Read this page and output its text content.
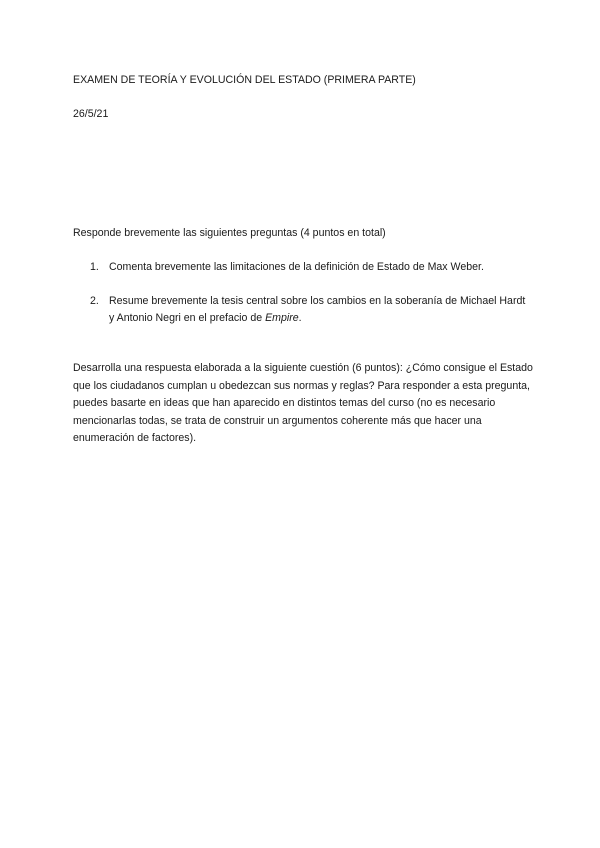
EXAMEN DE TEORÍA Y EVOLUCIÓN DEL ESTADO (PRIMERA PARTE)
26/5/21
Responde brevemente las siguientes preguntas (4 puntos en total)
1. Comenta brevemente las limitaciones de la definición de Estado de Max Weber.
2. Resume brevemente la tesis central sobre los cambios en la soberanía de Michael Hardt y Antonio Negri en el prefacio de Empire.

Desarrolla una respuesta elaborada a la siguiente cuestión (6 puntos): ¿Cómo consigue el Estado que los ciudadanos cumplan u obedezcan sus normas y reglas? Para responder a esta pregunta, puedes basarte en ideas que han aparecido en distintos temas del curso (no es necesario mencionarlas todas, se trata de construir un argumentos coherente más que hacer una enumeración de factores).
